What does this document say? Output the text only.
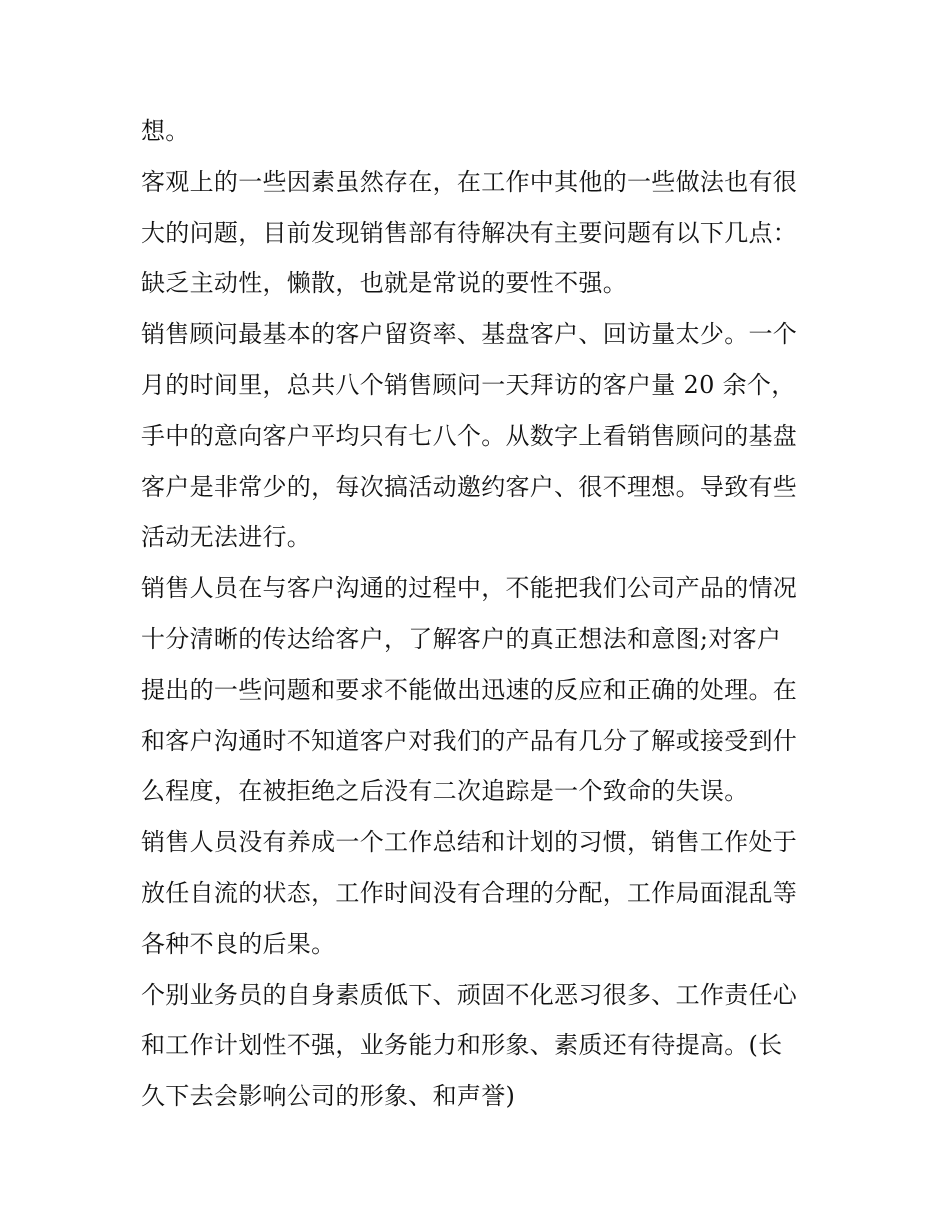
想。
客观上的一些因素虽然存在，在工作中其他的一些做法也有很
大的问题，目前发现销售部有待解决有主要问题有以下几点：
缺乏主动性，懒散，也就是常说的要性不强。
销售顾问最基本的客户留资率、基盘客户、回访量太少。一个
月的时间里，总共八个销售顾问一天拜访的客户量 20 余个，
手中的意向客户平均只有七八个。从数字上看销售顾问的基盘
客户是非常少的，每次搞活动邀约客户、很不理想。导致有些
活动无法进行。
销售人员在与客户沟通的过程中，不能把我们公司产品的情况
十分清晰的传达给客户，了解客户的真正想法和意图;对客户
提出的一些问题和要求不能做出迅速的反应和正确的处理。在
和客户沟通时不知道客户对我们的产品有几分了解或接受到什
么程度，在被拒绝之后没有二次追踪是一个致命的失误。
销售人员没有养成一个工作总结和计划的习惯，销售工作处于
放任自流的状态，工作时间没有合理的分配，工作局面混乱等
各种不良的后果。
个别业务员的自身素质低下、顽固不化恶习很多、工作责任心
和工作计划性不强，业务能力和形象、素质还有待提高。(长
久下去会影响公司的形象、和声誉)
